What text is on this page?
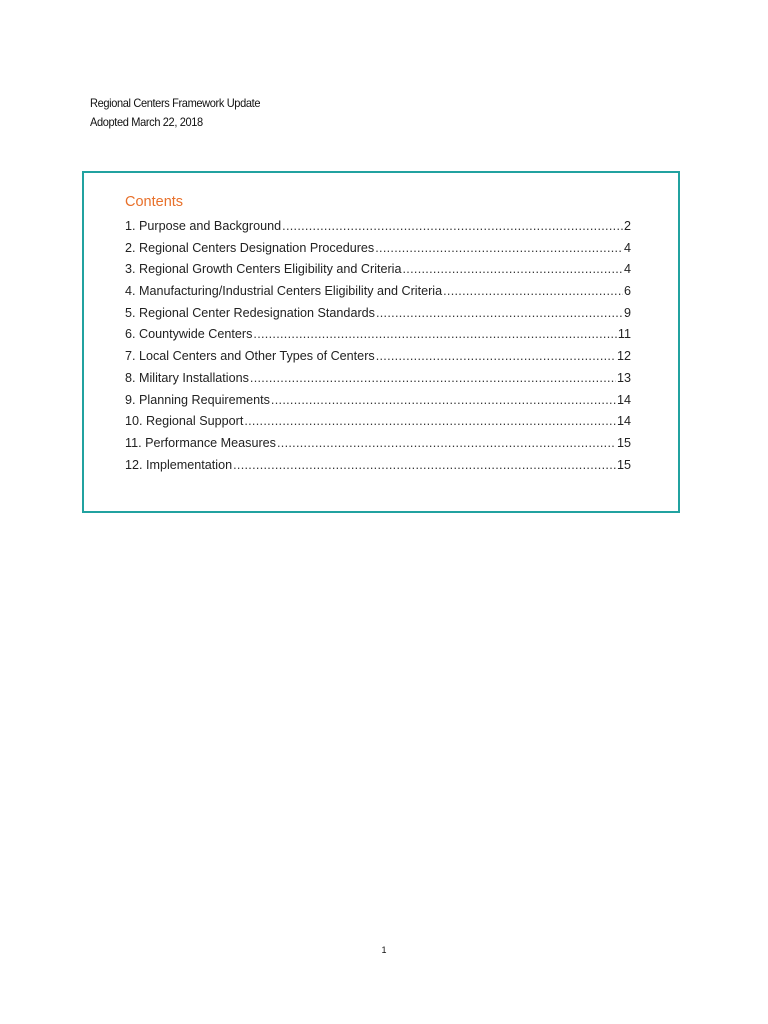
Regional Centers Framework Update
Adopted March 22, 2018
Contents
1. Purpose and Background .....	2
2. Regional Centers Designation Procedures .....	4
3. Regional Growth Centers Eligibility and Criteria .....	4
4. Manufacturing/Industrial Centers Eligibility and Criteria .....	6
5. Regional Center Redesignation Standards .....	9
6. Countywide Centers .....	11
7. Local Centers and Other Types of Centers .....	12
8. Military Installations .....	13
9. Planning Requirements .....	14
10. Regional Support .....	14
11. Performance Measures .....	15
12. Implementation .....	15
1
